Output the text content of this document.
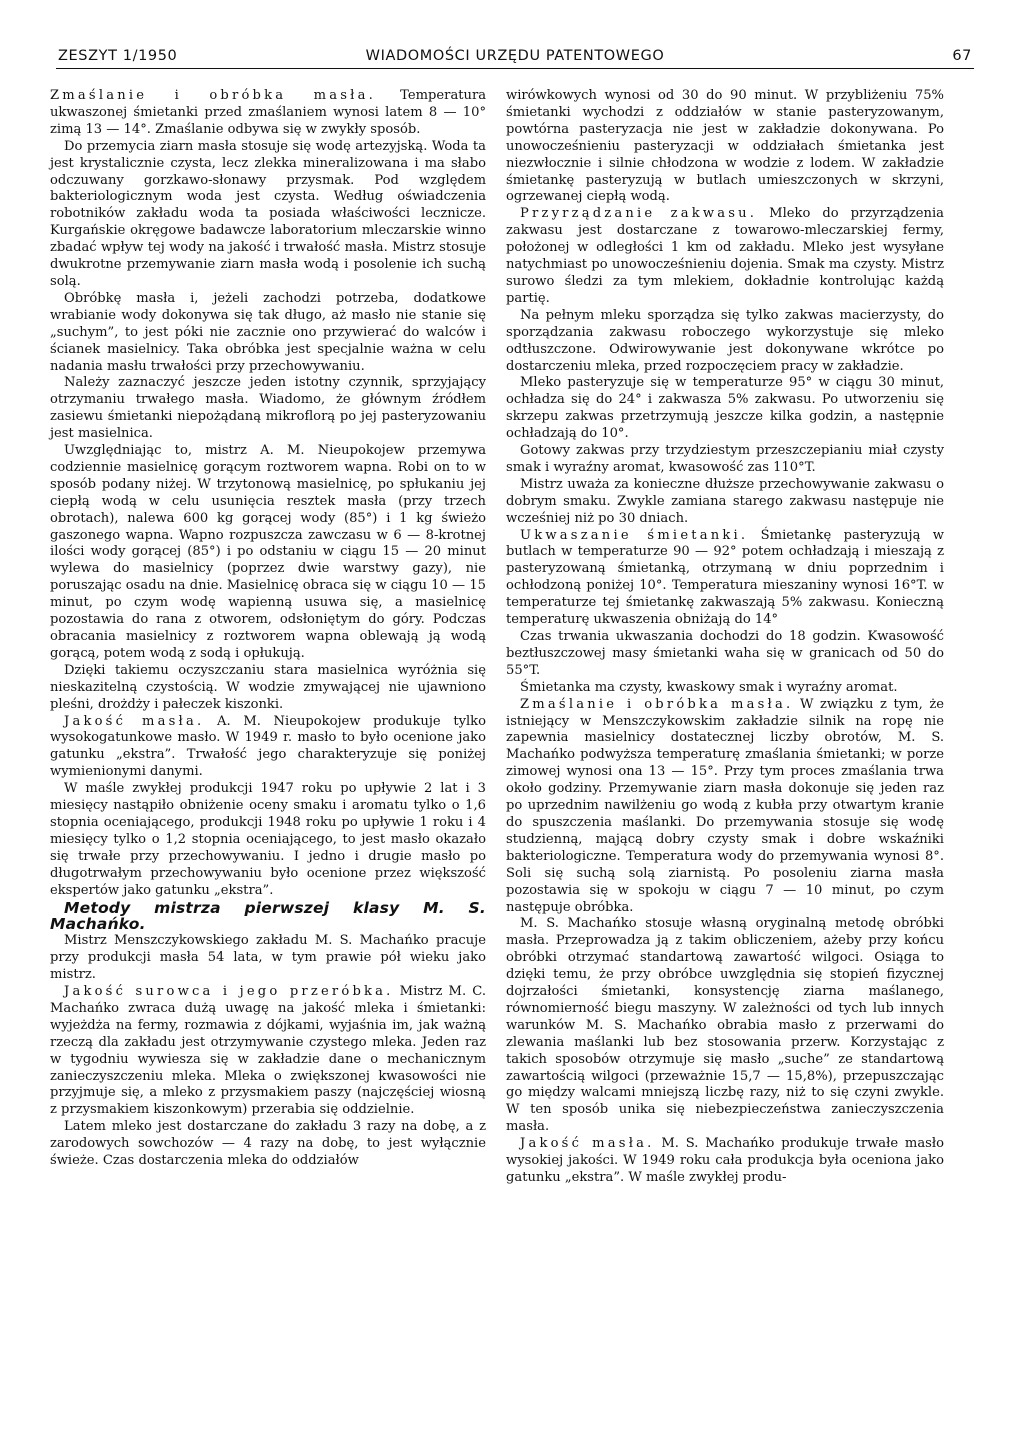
ZESZYT 1/1950	WIADOMOŚCI URZĘDU PATENTOWEGO	67

Zmaślanie i obróbka masła. Temperatura ukwaszonej śmietanki przed zmaślaniem wynosi latem 8 — 10° zimą 13 — 14°. Zmaślanie odbywa się w zwykły sposób.

Do przemycia ziarn masła stosuje się wodę artezyjską. Woda ta jest krystalicznie czysta, lecz zlekka mineralizowana i ma słabo odczuwany gorzkawo-słonawy przysmak. Pod względem bakteriologicznym woda jest czysta. Według oświadczenia robotników zakładu woda ta posiada właściwości lecznicze. Kurgańskie okręgowe badawcze laboratorium mleczarskie winno zbadać wpływ tej wody na jakość i trwałość masła. Mistrz stosuje dwukrotne przemywanie ziarn masła wodą i posolenie ich suchą solą.

Obróbkę masła i, jeżeli zachodzi potrzeba, dodatkowe wrabianie wody dokonywa się tak długo, aż masło nie stanie się „suchym”, to jest póki nie zacznie ono przywierać do walców i ścianek masielnicy. Taka obróbka jest specjalnie ważna w celu nadania masłu trwałości przy przechowywaniu.

Należy zaznaczyć jeszcze jeden istotny czynnik, sprzyjający otrzymaniu trwałego masła. Wiadomo, że głównym źródłem zasiewu śmietanki niepożądaną mikroflorą po jej pasteryzowaniu jest masielnica.

Uwzględniając to, mistrz A. M. Nieupokojew przemywa codziennie masielnicę gorącym roztworem wapna. Robi on to w sposób podany niżej. W trzytonową masielnicę, po spłukaniu jej ciepłą wodą w celu usunięcia resztek masła (przy trzech obrotach), nalewa 600 kg gorącej wody (85°) i 1 kg świeżo gaszonego wapna. Wapno rozpuszcza zawczasu w 6 — 8-krotnej ilości wody gorącej (85°) i po odstaniu w ciągu 15 — 20 minut wylewa do masielnicy (poprzez dwie warstwy gazy), nie poruszając osadu na dnie. Masielnicę obraca się w ciągu 10 — 15 minut, po czym wodę wapienną usuwa się, a masielnicę pozostawia do rana z otworem, odsłoniętym do góry. Podczas obracania masielnicy z roztworem wapna oblewają ją wodą gorącą, potem wodą z sodą i opłukują.

Dzięki takiemu oczyszczaniu stara masielnica wyróżnia się nieskazitelną czystością. W wodzie zmywającej nie ujawniono pleśni, drożdży i pałeczek kiszonki.

Jakość masła. A. M. Nieupokojew produkuje tylko wysokogatunkowe masło. W 1949 r. masło to było ocenione jako gatunku „ekstra”. Trwałość jego charakteryzuje się poniżej wymienionymi danymi.

W maśle zwykłej produkcji 1947 roku po upływie 2 lat i 3 miesięcy nastąpiło obniżenie oceny smaku i aromatu tylko o 1,6 stopnia oceniającego, produkcji 1948 roku po upływie 1 roku i 4 miesięcy tylko o 1,2 stopnia oceniającego, to jest masło okazało się trwałe przy przechowywaniu. I jedno i drugie masło po długotrwałym przechowywaniu było ocenione przez większość ekspertów jako gatunku „ekstra”.

Metody mistrza pierwszej klasy M. S. Machańko.

Mistrz Menszczykowskiego zakładu M. S. Machańko pracuje przy produkcji masła 54 lata, w tym prawie pół wieku jako mistrz.

Jakość surowca i jego przeróbka. Mistrz M. C. Machańko zwraca dużą uwagę na jakość mleka i śmietanki: wyjeżdża na fermy, rozmawia z dójkami, wyjaśnia im, jak ważną rzeczą dla zakładu jest otrzymywanie czystego mleka. Jeden raz w tygodniu wywiesza się w zakładzie dane o mechanicznym zanieczyszczeniu mleka. Mleka o zwiększonej kwasowości nie przyjmuje się, a mleko z przysmakiem paszy (najczęściej wiosną z przysmakiem kiszonkowym) przerabia się oddzielnie.

Latem mleko jest dostarczane do zakładu 3 razy na dobę, a z zarodowych sowchozów — 4 razy na dobę, to jest wyłącznie świeże. Czas dostarczenia mleka do oddziałów

wirówkowych wynosi od 30 do 90 minut. W przybliżeniu 75% śmietanki wychodzi z oddziałów w stanie pasteryzowanym, powtórna pasteryzacja nie jest w zakładzie dokonywana. Po unowocześnieniu pasteryzacji w oddziałach śmietanka jest niezwłocznie i silnie chłodzona w wodzie z lodem. W zakładzie śmietankę pasteryzują w butlach umieszczonych w skrzyni, ogrzewanej ciepłą wodą.

Przyrządzanie zakwasu. Mleko do przyrządzenia zakwasu jest dostarczane z towarowo-mleczarskiej fermy, położonej w odległości 1 km od zakładu. Mleko jest wysyłane natychmiast po unowocześnieniu dojenia. Smak ma czysty. Mistrz surowo śledzi za tym mlekiem, dokładnie kontrolując każdą partię.

Na pełnym mleku sporządza się tylko zakwas macierzysty, do sporządzania zakwasu roboczego wykorzystuje się mleko odtłuszczone. Odwirowywanie jest dokonywane wkrótce po dostarczeniu mleka, przed rozpoczęciem pracy w zakładzie.

Mleko pasteryzuje się w temperaturze 95° w ciągu 30 minut, ochładza się do 24° i zakwasza 5% zakwasu. Po utworzeniu się skrzepu zakwas przetrzymują jeszcze kilka godzin, a następnie ochładzają do 10°.

Gotowy zakwas przy trzydziestym przeszczepianiu miał czysty smak i wyraźny aromat, kwasowość zas 110°T.

Mistrz uważa za konieczne dłuższe przechowywanie zakwasu o dobrym smaku. Zwykle zamiana starego zakwasu następuje nie wcześniej niż po 30 dniach.

Ukwaszanie śmietanki. Śmietankę pasteryzują w butlach w temperaturze 90 — 92° potem ochładzają i mieszają z pasteryzowaną śmietanką, otrzymaną w dniu poprzednim i ochłodzoną poniżej 10°. Temperatura mieszaniny wynosi 16°T. w temperaturze tej śmietankę zakwaszają 5% zakwasu. Konieczną temperaturę ukwaszenia obniżają do 14°

Czas trwania ukwaszania dochodzi do 18 godzin. Kwasowość beztłuszczowej masy śmietanki waha się w granicach od 50 do 55°T.

Śmietanka ma czysty, kwaskowy smak i wyraźny aromat.

Zmaślanie i obróbka masła. W związku z tym, że istniejący w Menszczykowskim zakładzie silnik na ropę nie zapewnia masielnicy dostatecznej liczby obrotów, M. S. Machańko podwyższa temperaturę zmaślania śmietanki; w porze zimowej wynosi ona 13 — 15°. Przy tym proces zmaślania trwa około godziny. Przemywanie ziarn masła dokonuje się jeden raz po uprzednim nawilżeniu go wodą z kubła przy otwartym kranie do spuszczenia maślanki. Do przemywania stosuje się wodę studzienną, mającą dobry czysty smak i dobre wskaźniki bakteriologiczne. Temperatura wody do przemywania wynosi 8°. Soli się suchą solą ziarnistą. Po posoleniu ziarna masła pozostawia się w spokoju w ciągu 7 — 10 minut, po czym następuje obróbka.

M. S. Machańko stosuje własną oryginalną metodę obróbki masła. Przeprowadza ją z takim obliczeniem, ażeby przy końcu obróbki otrzymać standartową zawartość wilgoci. Osiąga to dzięki temu, że przy obróbce uwzględnia się stopień fizycznej dojrzałości śmietanki, konsystencję ziarna maślanego, równomierność biegu maszyny. W zależności od tych lub innych warunków M. S. Machańko obrabia masło z przerwami do zlewania maślanki lub bez stosowania przerw. Korzystając z takich sposobów otrzymuje się masło „suche” ze standartową zawartością wilgoci (przeważnie 15,7 — 15,8%), przepuszczając go między walcami mniejszą liczbę razy, niż to się czyni zwykle. W ten sposób unika się niebezpieczeństwa zanieczyszczenia masła.

Jakość masła. M. S. Machańko produkuje trwałe masło wysokiej jakości. W 1949 roku cała produkcja była oceniona jako gatunku „ekstra”. W maśle zwykłej produ-
